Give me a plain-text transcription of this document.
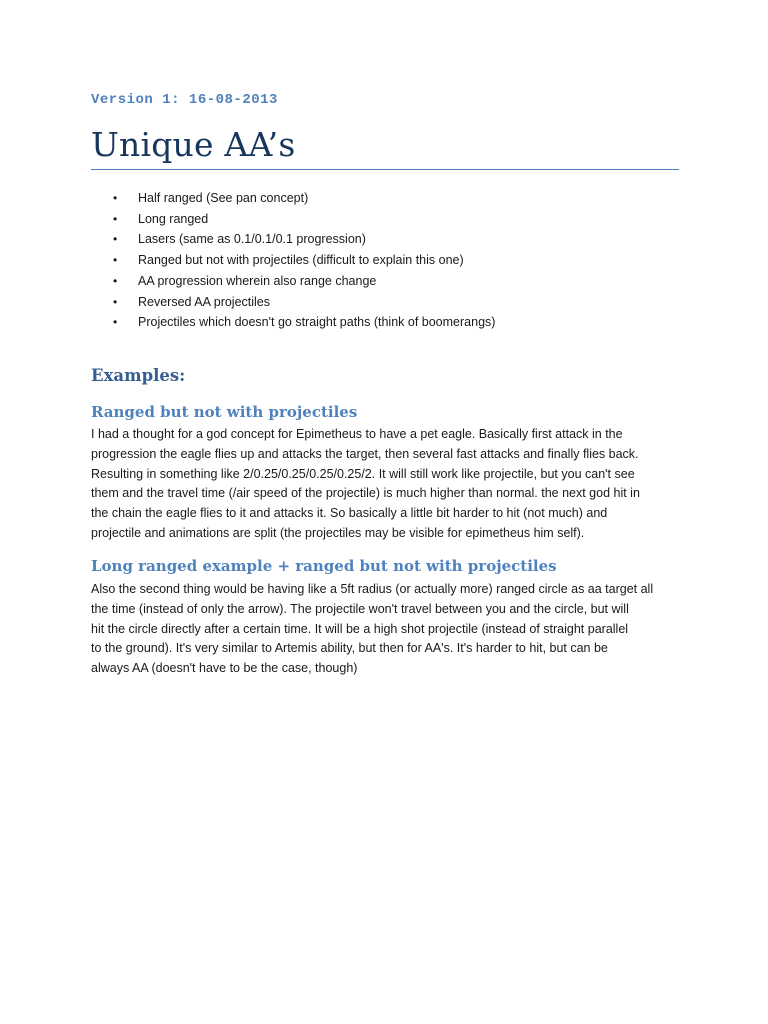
Version 1: 16-08-2013
Unique AA’s
• Half ranged (See pan concept)
• Long ranged
• Lasers (same as 0.1/0.1/0.1 progression)
• Ranged but not with projectiles (difficult to explain this one)
• AA progression wherein also range change
• Reversed AA projectiles
• Projectiles which doesn't go straight paths (think of boomerangs)
Examples:
Ranged but not with projectiles
I had a thought for a god concept for Epimetheus to have a pet eagle. Basically first attack in the
progression the eagle flies up and attacks the target, then several fast attacks and finally flies back.
Resulting in something like 2/0.25/0.25/0.25/0.25/2. It will still work like projectile, but you can't see
them and the travel time (/air speed of the projectile) is much higher than normal. the next god hit in
the chain the eagle flies to it and attacks it. So basically a little bit harder to hit (not much) and
projectile and animations are split (the projectiles may be visible for epimetheus him self).
Long ranged example + ranged but not with projectiles
Also the second thing would be having like a 5ft radius (or actually more) ranged circle as aa target all
the time (instead of only the arrow). The projectile won't travel between you and the circle, but will
hit the circle directly after a certain time. It will be a high shot projectile (instead of straight parallel
to the ground). It's very similar to Artemis ability, but then for AA's. It's harder to hit, but can be
always AA (doesn't have to be the case, though)
